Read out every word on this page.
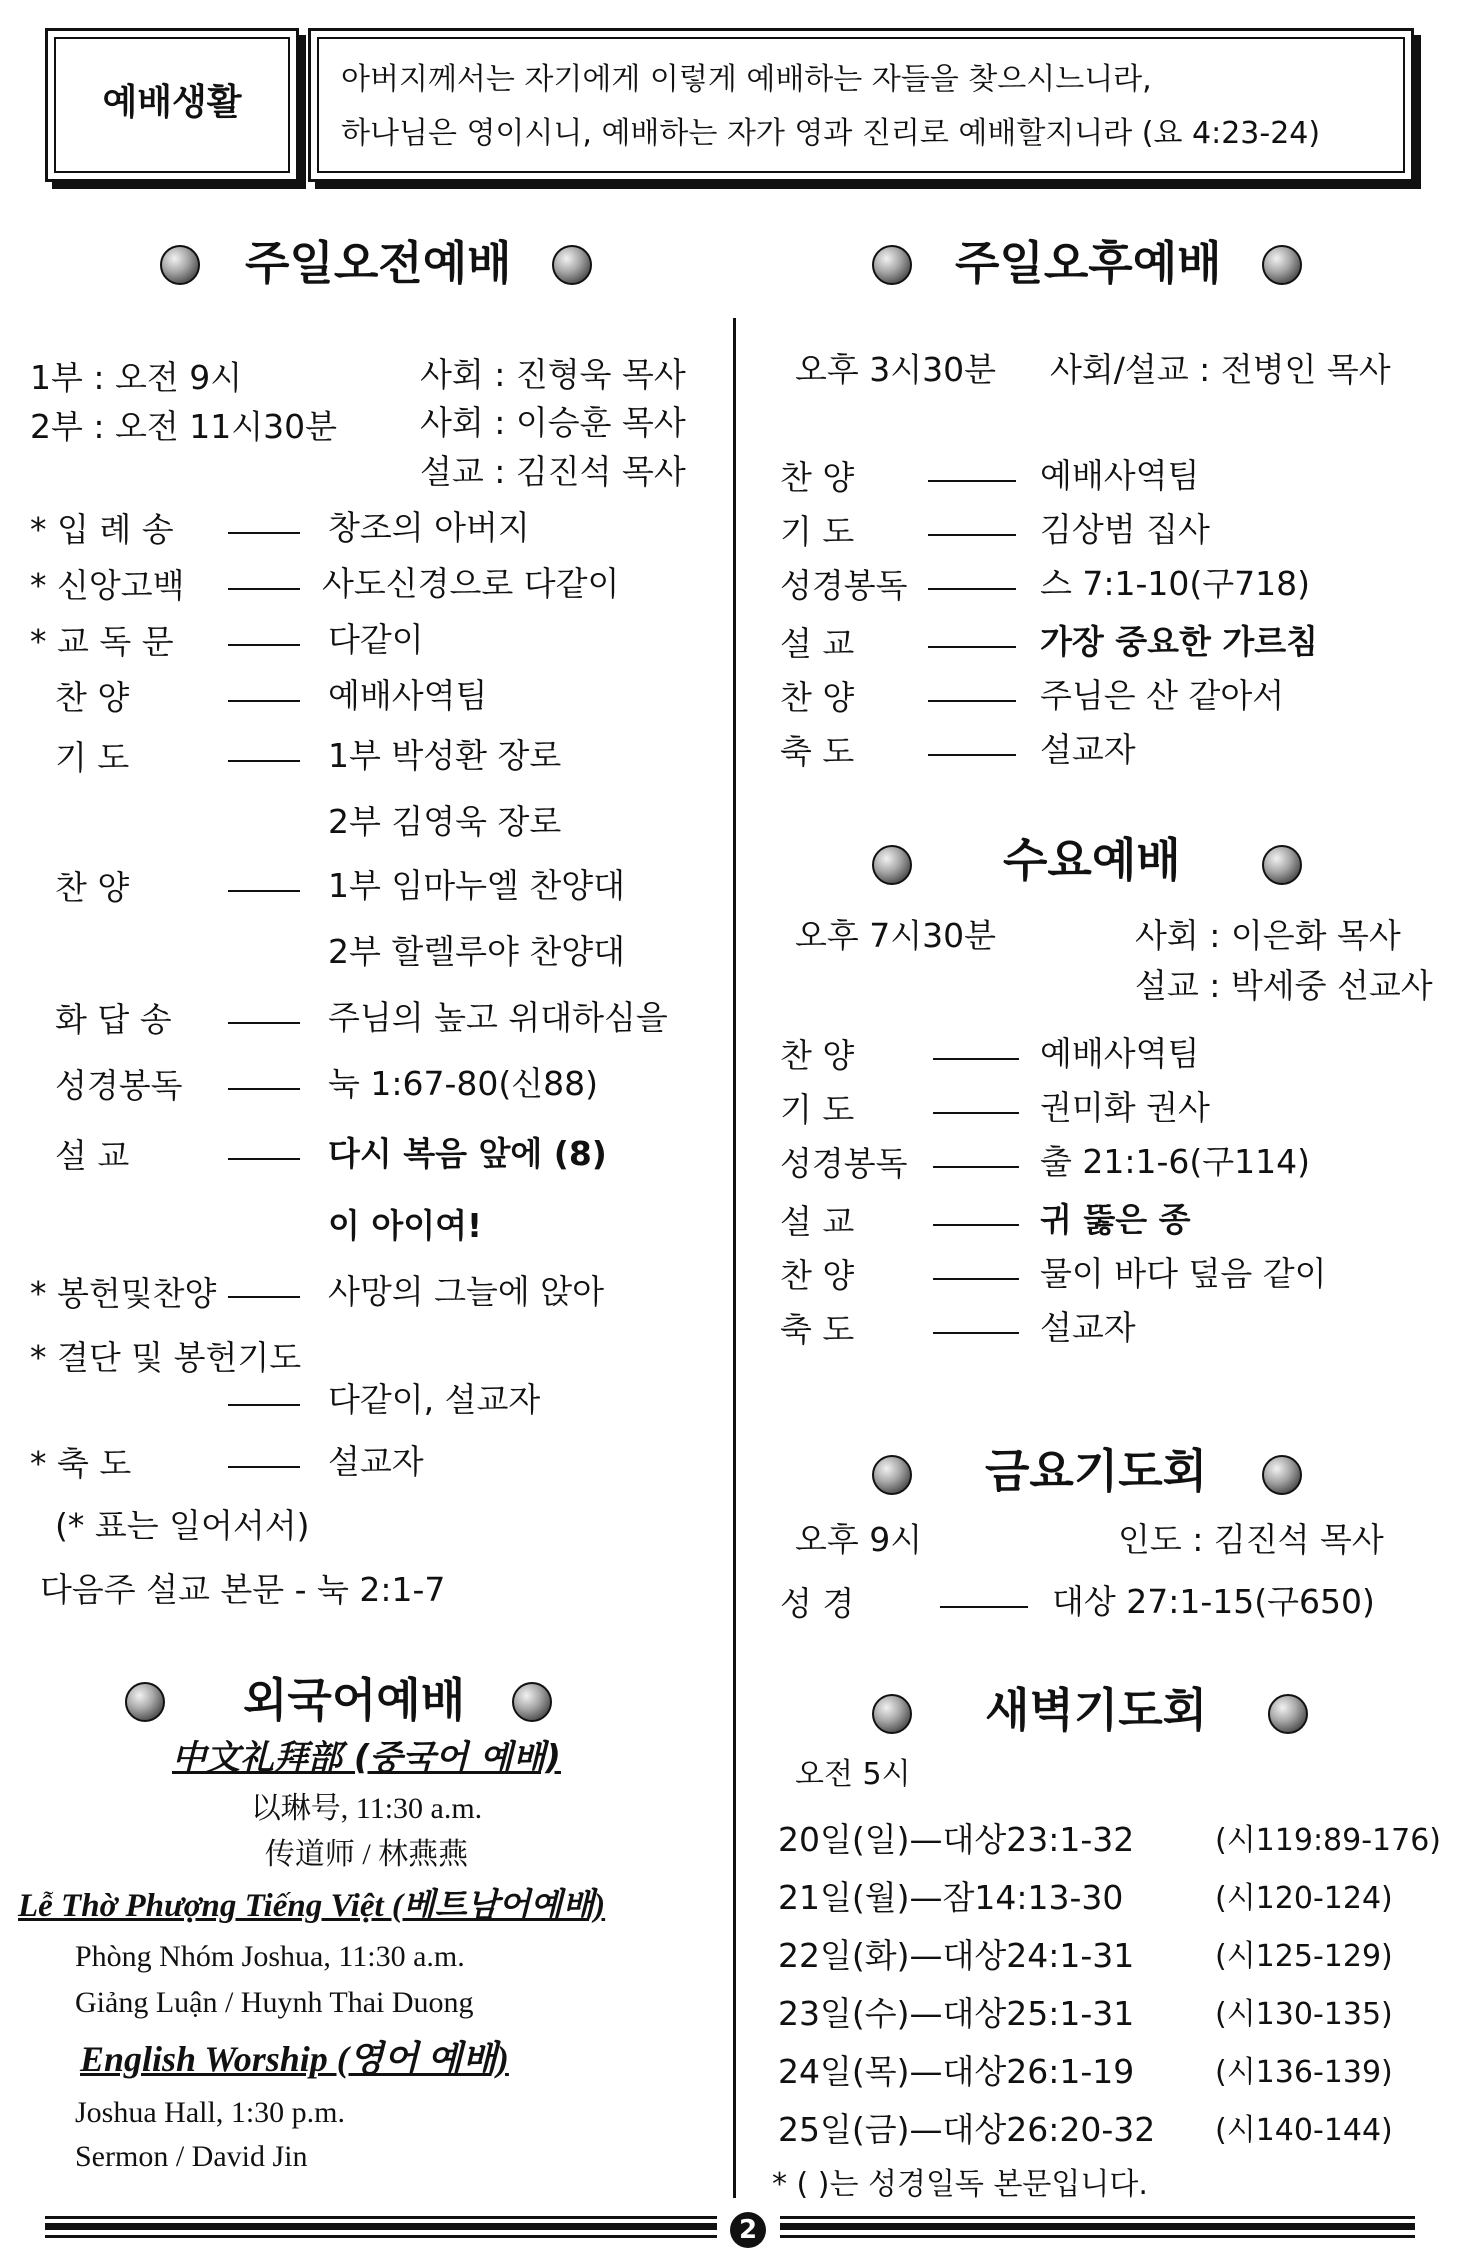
예배생활
아버지께서는 자기에게 이렇게 예배하는 자들을 찾으시느니라,
하나님은 영이시니, 예배하는 자가 영과 진리로 예배할지니라 (요 4:23-24)
주일오전예배
1부 : 오전 9시	사회 : 진형욱 목사
2부 : 오전 11시30분	사회 : 이승훈 목사
설교 : 김진석 목사
* 입 례 송	창조의 아버지
* 신앙고백	사도신경으로 다같이
* 교 독 문	다같이
찬 양	예배사역팀
기 도	1부 박성환 장로
2부 김영욱 장로
찬 양	1부 임마누엘 찬양대
2부 할렐루야 찬양대
화 답 송	주님의 높고 위대하심을
성경봉독	눅 1:67-80(신88)
설 교	다시 복음 앞에 (8)
이 아이여!
* 봉헌및찬양	사망의 그늘에 앉아
* 결단 및 봉헌기도
다같이, 설교자
* 축 도	설교자
(* 표는 일어서서)
다음주 설교 본문 - 눅 2:1-7
외국어예배
中文礼拜部 (중국어 예배)
以琳号, 11:30 a.m.
传道师 / 林燕燕
Lễ Thờ Phượng Tiếng Việt (베트남어예배)
Phòng Nhóm Joshua, 11:30 a.m.
Giảng Luận / Huynh Thai Duong
English Worship (영어 예배)
Joshua Hall, 1:30 p.m.
Sermon / David Jin
주일오후예배
오후 3시30분 사회/설교 : 전병인 목사
찬 양	예배사역팀
기 도	김상범 집사
성경봉독	스 7:1-10(구718)
설 교	가장 중요한 가르침
찬 양	주님은 산 같아서
축 도	설교자
수요예배
오후 7시30분	사회 : 이은화 목사
설교 : 박세중 선교사
찬 양	예배사역팀
기 도	권미화 권사
성경봉독	출 21:1-6(구114)
설 교	귀 뚫은 종
찬 양	물이 바다 덮음 같이
축 도	설교자
금요기도회
오후 9시	인도 : 김진석 목사
성 경	대상 27:1-15(구650)
새벽기도회
오전 5시
20일(일)—대상23:1-32	(시119:89-176)
21일(월)—잠14:13-30	(시120-124)
22일(화)—대상24:1-31	(시125-129)
23일(수)—대상25:1-31	(시130-135)
24일(목)—대상26:1-19	(시136-139)
25일(금)—대상26:20-32 (시140-144)
* ( )는 성경일독 본문입니다.
2
